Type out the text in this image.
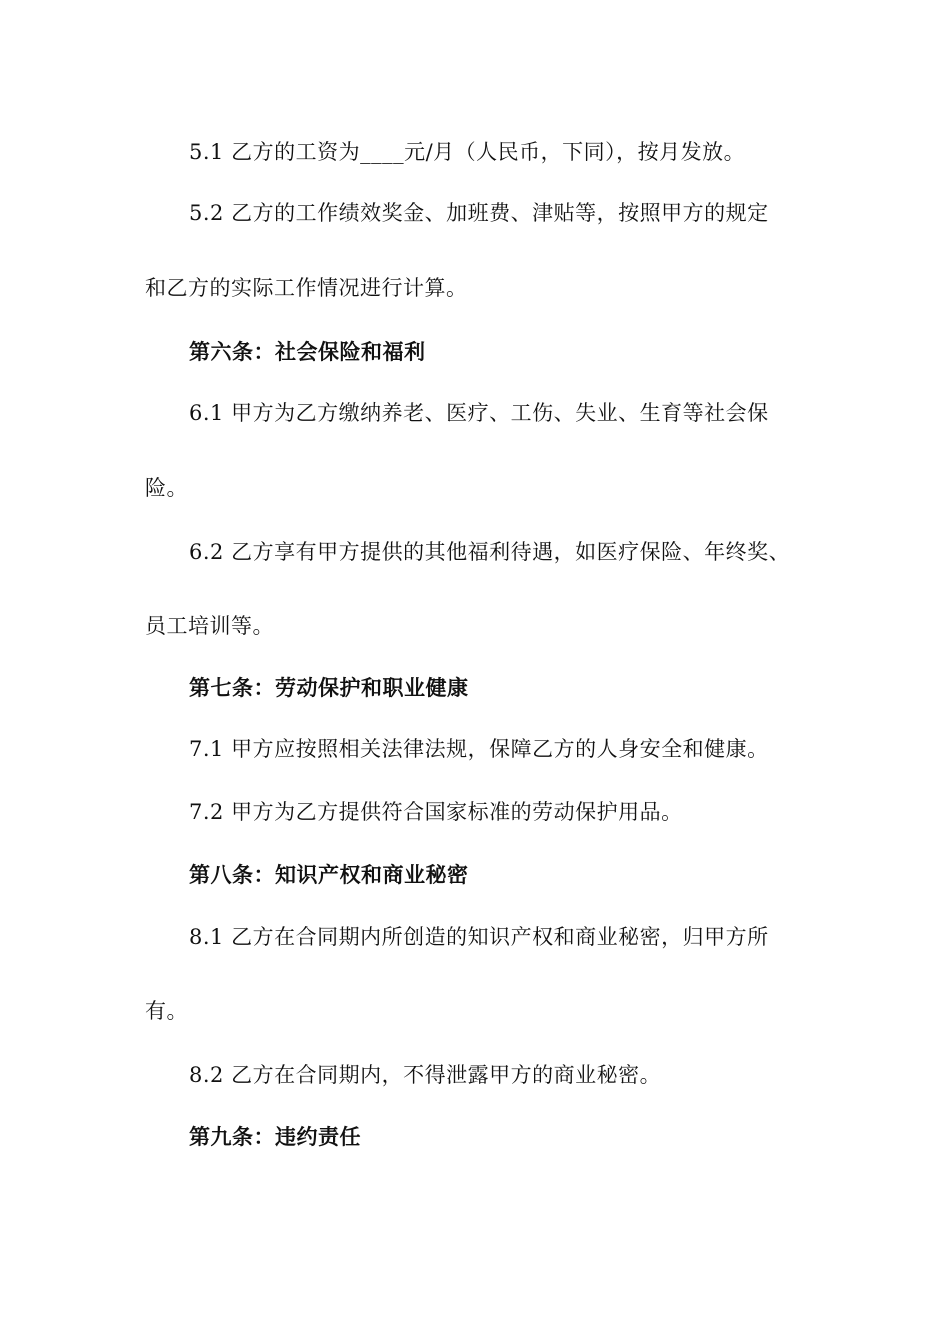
5.1 乙方的工资为____元/月（人民币，下同），按月发放。
5.2 乙方的工作绩效奖金、加班费、津贴等，按照甲方的规定
和乙方的实际工作情况进行计算。
第六条：社会保险和福利
6.1 甲方为乙方缴纳养老、医疗、工伤、失业、生育等社会保
险。
6.2 乙方享有甲方提供的其他福利待遇，如医疗保险、年终奖、
员工培训等。
第七条：劳动保护和职业健康
7.1 甲方应按照相关法律法规，保障乙方的人身安全和健康。
7.2 甲方为乙方提供符合国家标准的劳动保护用品。
第八条：知识产权和商业秘密
8.1 乙方在合同期内所创造的知识产权和商业秘密，归甲方所
有。
8.2 乙方在合同期内，不得泄露甲方的商业秘密。
第九条：违约责任
